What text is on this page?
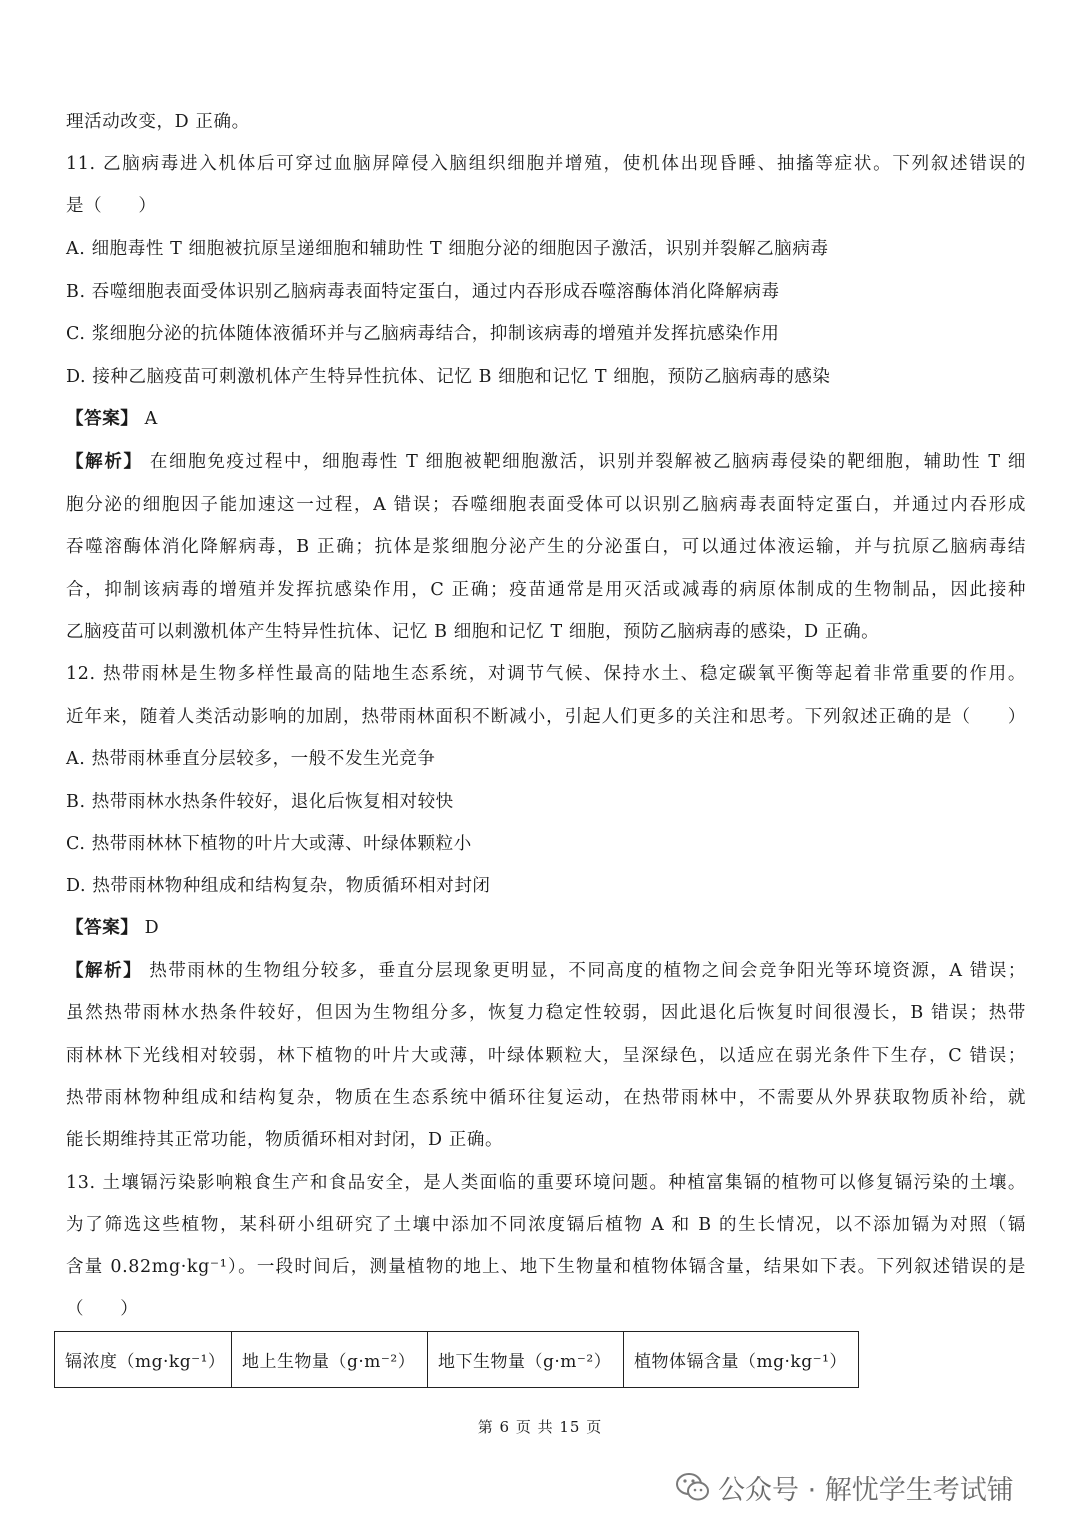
理活动改变，D 正确。
11. 乙脑病毒进入机体后可穿过血脑屏障侵入脑组织细胞并增殖，使机体出现昏睡、抽搐等症状。下列叙述错误的
是（　　）
A. 细胞毒性 T 细胞被抗原呈递细胞和辅助性 T 细胞分泌的细胞因子激活，识别并裂解乙脑病毒
B. 吞噬细胞表面受体识别乙脑病毒表面特定蛋白，通过内吞形成吞噬溶酶体消化降解病毒
C. 浆细胞分泌的抗体随体液循环并与乙脑病毒结合，抑制该病毒的增殖并发挥抗感染作用
D. 接种乙脑疫苗可刺激机体产生特异性抗体、记忆 B 细胞和记忆 T 细胞，预防乙脑病毒的感染
【答案】 A
【解析】 在细胞免疫过程中，细胞毒性 T 细胞被靶细胞激活，识别并裂解被乙脑病毒侵染的靶细胞，辅助性 T 细
胞分泌的细胞因子能加速这一过程，A 错误；吞噬细胞表面受体可以识别乙脑病毒表面特定蛋白，并通过内吞形成
吞噬溶酶体消化降解病毒，B 正确；抗体是浆细胞分泌产生的分泌蛋白，可以通过体液运输，并与抗原乙脑病毒结
合，抑制该病毒的增殖并发挥抗感染作用，C 正确；疫苗通常是用灭活或减毒的病原体制成的生物制品，因此接种
乙脑疫苗可以刺激机体产生特异性抗体、记忆 B 细胞和记忆 T 细胞，预防乙脑病毒的感染，D 正确。
12. 热带雨林是生物多样性最高的陆地生态系统，对调节气候、保持水土、稳定碳氧平衡等起着非常重要的作用。
近年来，随着人类活动影响的加剧，热带雨林面积不断减小，引起人们更多的关注和思考。下列叙述正确的是（　　）
A. 热带雨林垂直分层较多，一般不发生光竞争
B. 热带雨林水热条件较好，退化后恢复相对较快
C. 热带雨林林下植物的叶片大或薄、叶绿体颗粒小
D. 热带雨林物种组成和结构复杂，物质循环相对封闭
【答案】 D
【解析】 热带雨林的生物组分较多，垂直分层现象更明显，不同高度的植物之间会竞争阳光等环境资源，A 错误；
虽然热带雨林水热条件较好，但因为生物组分多，恢复力稳定性较弱，因此退化后恢复时间很漫长，B 错误；热带
雨林林下光线相对较弱，林下植物的叶片大或薄，叶绿体颗粒大，呈深绿色，以适应在弱光条件下生存，C 错误；
热带雨林物种组成和结构复杂，物质在生态系统中循环往复运动，在热带雨林中，不需要从外界获取物质补给，就
能长期维持其正常功能，物质循环相对封闭，D 正确。
13. 土壤镉污染影响粮食生产和食品安全，是人类面临的重要环境问题。种植富集镉的植物可以修复镉污染的土壤。
为了筛选这些植物，某科研小组研究了土壤中添加不同浓度镉后植物 A 和 B 的生长情况，以不添加镉为对照（镉
含量 0.82mg·kg⁻¹）。一段时间后，测量植物的地上、地下生物量和植物体镉含量，结果如下表。下列叙述错误的是
（　　）
镉浓度（mg·kg⁻¹）	地上生物量（g·m⁻²）	地下生物量（g·m⁻²）	植物体镉含量（mg·kg⁻¹）
第 6 页 共 15 页
公众号 · 解忧学生考试铺
